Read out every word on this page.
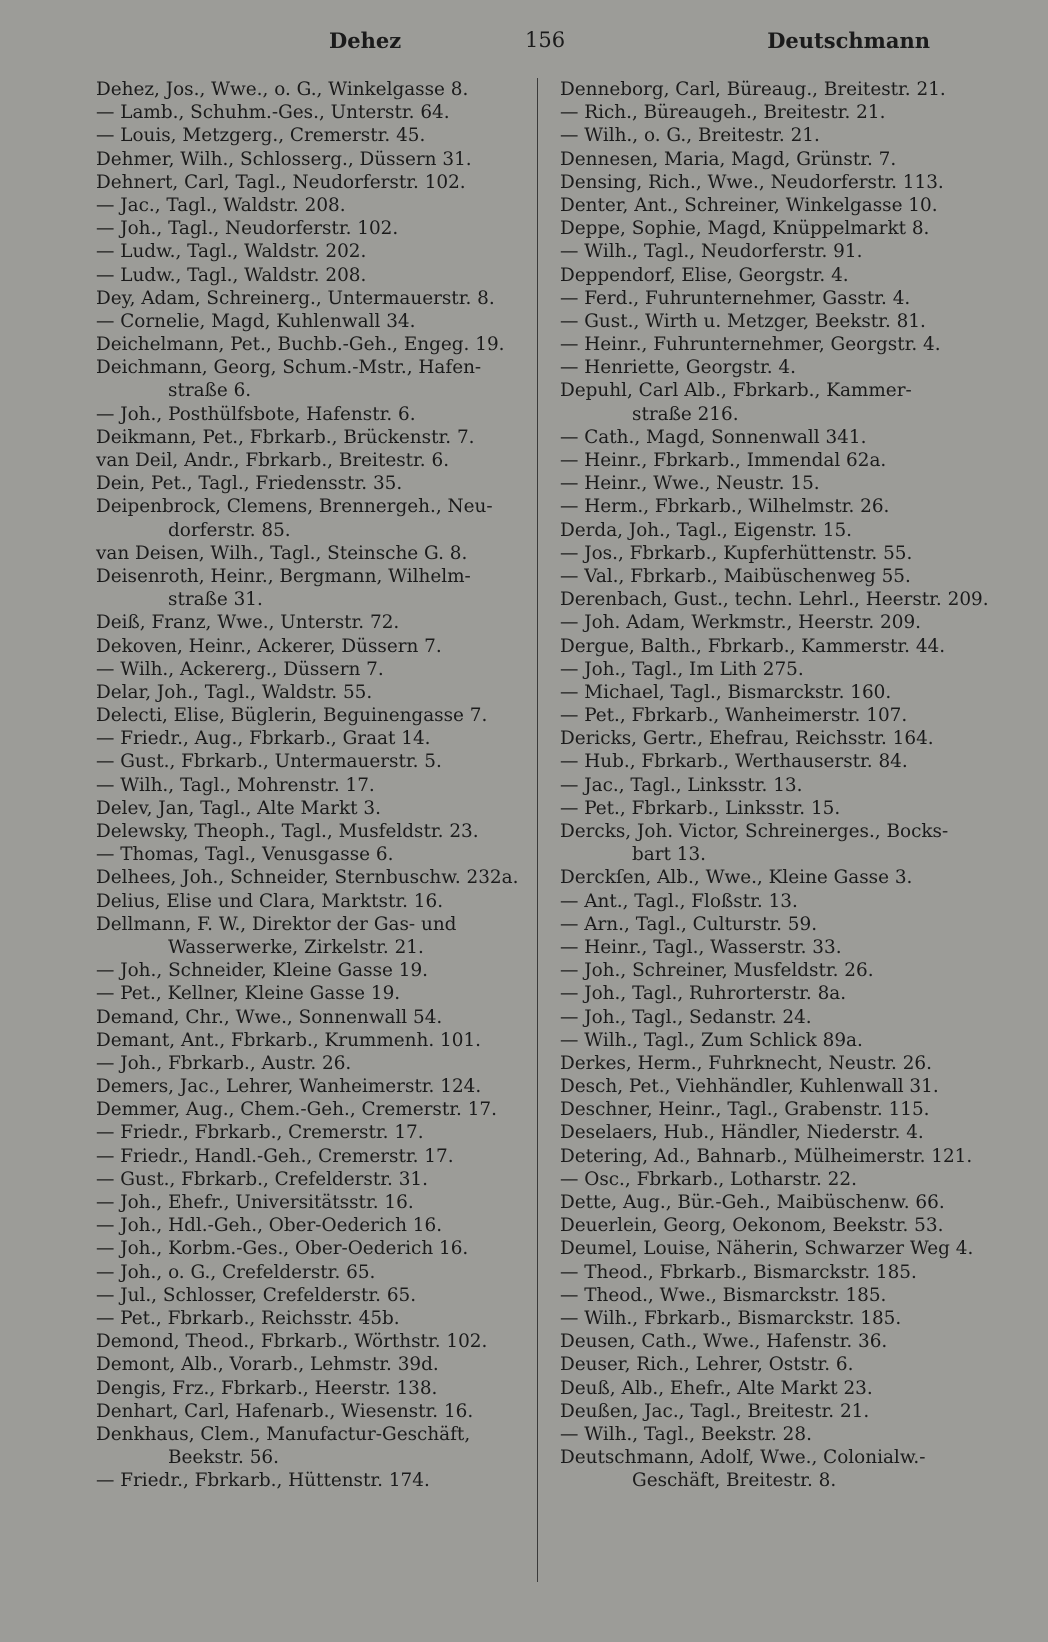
Dehez	156	Deutschmann
Dehez, Jos., Wwe., o. G., Winkelgasse 8.
— Lamb., Schuhm.-Ges., Unterstr. 64.
— Louis, Metzgerg., Cremerstr. 45.
Dehmer, Wilh., Schlosserg., Düssern 31.
Dehnert, Carl, Tagl., Neudorferstr. 102.
— Jac., Tagl., Waldstr. 208.
— Joh., Tagl., Neudorferstr. 102.
— Ludw., Tagl., Waldstr. 202.
— Ludw., Tagl., Waldstr. 208.
Dey, Adam, Schreinerg., Untermauerstr. 8.
— Cornelie, Magd, Kuhlenwall 34.
Deichelmann, Pet., Buchb.-Geh., Engeg. 19.
Deichmann, Georg, Schum.-Mstr., Hafen-
straße 6.
— Joh., Posthülfsbote, Hafenstr. 6.
Deikmann, Pet., Fbrkarb., Brückenstr. 7.
van Deil, Andr., Fbrkarb., Breitestr. 6.
Dein, Pet., Tagl., Friedensstr. 35.
Deipenbrock, Clemens, Brennergeh., Neu-
dorferstr. 85.
van Deisen, Wilh., Tagl., Steinsche G. 8.
Deisenroth, Heinr., Bergmann, Wilhelm-
straße 31.
Deiß, Franz, Wwe., Unterstr. 72.
Dekoven, Heinr., Ackerer, Düssern 7.
— Wilh., Ackererg., Düssern 7.
Delar, Joh., Tagl., Waldstr. 55.
Delecti, Elise, Büglerin, Beguinengasse 7.
— Friedr., Aug., Fbrkarb., Graat 14.
— Gust., Fbrkarb., Untermauerstr. 5.
— Wilh., Tagl., Mohrenstr. 17.
Delev, Jan, Tagl., Alte Markt 3.
Delewsky, Theoph., Tagl., Musfeldstr. 23.
— Thomas, Tagl., Venusgasse 6.
Delhees, Joh., Schneider, Sternbuschw. 232a.
Delius, Elise und Clara, Marktstr. 16.
Dellmann, F. W., Direktor der Gas- und
Wasserwerke, Zirkelstr. 21.
— Joh., Schneider, Kleine Gasse 19.
— Pet., Kellner, Kleine Gasse 19.
Demand, Chr., Wwe., Sonnenwall 54.
Demant, Ant., Fbrkarb., Krummenh. 101.
— Joh., Fbrkarb., Austr. 26.
Demers, Jac., Lehrer, Wanheimerstr. 124.
Demmer, Aug., Chem.-Geh., Cremerstr. 17.
— Friedr., Fbrkarb., Cremerstr. 17.
— Friedr., Handl.-Geh., Cremerstr. 17.
— Gust., Fbrkarb., Crefelderstr. 31.
— Joh., Ehefr., Universitätsstr. 16.
— Joh., Hdl.-Geh., Ober-Oederich 16.
— Joh., Korbm.-Ges., Ober-Oederich 16.
— Joh., o. G., Crefelderstr. 65.
— Jul., Schlosser, Crefelderstr. 65.
— Pet., Fbrkarb., Reichsstr. 45b.
Demond, Theod., Fbrkarb., Wörthstr. 102.
Demont, Alb., Vorarb., Lehmstr. 39d.
Dengis, Frz., Fbrkarb., Heerstr. 138.
Denhart, Carl, Hafenarb., Wiesenstr. 16.
Denkhaus, Clem., Manufactur-Geschäft,
Beekstr. 56.
— Friedr., Fbrkarb., Hüttenstr. 174.
Denneborg, Carl, Büreaug., Breitestr. 21.
— Rich., Büreaugeh., Breitestr. 21.
— Wilh., o. G., Breitestr. 21.
Dennesen, Maria, Magd, Grünstr. 7.
Densing, Rich., Wwe., Neudorferstr. 113.
Denter, Ant., Schreiner, Winkelgasse 10.
Deppe, Sophie, Magd, Knüppelmarkt 8.
— Wilh., Tagl., Neudorferstr. 91.
Deppendorf, Elise, Georgstr. 4.
— Ferd., Fuhrunternehmer, Gasstr. 4.
— Gust., Wirth u. Metzger, Beekstr. 81.
— Heinr., Fuhrunternehmer, Georgstr. 4.
— Henriette, Georgstr. 4.
Depuhl, Carl Alb., Fbrkarb., Kammer-
straße 216.
— Cath., Magd, Sonnenwall 341.
— Heinr., Fbrkarb., Immendal 62a.
— Heinr., Wwe., Neustr. 15.
— Herm., Fbrkarb., Wilhelmstr. 26.
Derda, Joh., Tagl., Eigenstr. 15.
— Jos., Fbrkarb., Kupferhüttenstr. 55.
— Val., Fbrkarb., Maibüschenweg 55.
Derenbach, Gust., techn. Lehrl., Heerstr. 209.
— Joh. Adam, Werkmstr., Heerstr. 209.
Dergue, Balth., Fbrkarb., Kammerstr. 44.
— Joh., Tagl., Im Lith 275.
— Michael, Tagl., Bismarckstr. 160.
— Pet., Fbrkarb., Wanheimerstr. 107.
Dericks, Gertr., Ehefrau, Reichsstr. 164.
— Hub., Fbrkarb., Werthauserstr. 84.
— Jac., Tagl., Linksstr. 13.
— Pet., Fbrkarb., Linksstr. 15.
Dercks, Joh. Victor, Schreinerges., Bocks-
bart 13.
Derckſen, Alb., Wwe., Kleine Gasse 3.
— Ant., Tagl., Floßstr. 13.
— Arn., Tagl., Culturstr. 59.
— Heinr., Tagl., Wasserstr. 33.
— Joh., Schreiner, Musfeldstr. 26.
— Joh., Tagl., Ruhrorterstr. 8a.
— Joh., Tagl., Sedanstr. 24.
— Wilh., Tagl., Zum Schlick 89a.
Derkes, Herm., Fuhrknecht, Neustr. 26.
Desch, Pet., Viehhändler, Kuhlenwall 31.
Deschner, Heinr., Tagl., Grabenstr. 115.
Deselaers, Hub., Händler, Niederstr. 4.
Detering, Ad., Bahnarb., Mülheimerstr. 121.
— Osc., Fbrkarb., Lotharstr. 22.
Dette, Aug., Bür.-Geh., Maibüschenw. 66.
Deuerlein, Georg, Oekonom, Beekstr. 53.
Deumel, Louise, Näherin, Schwarzer Weg 4.
— Theod., Fbrkarb., Bismarckstr. 185.
— Theod., Wwe., Bismarckstr. 185.
— Wilh., Fbrkarb., Bismarckstr. 185.
Deusen, Cath., Wwe., Hafenstr. 36.
Deuser, Rich., Lehrer, Oststr. 6.
Deuß, Alb., Ehefr., Alte Markt 23.
Deußen, Jac., Tagl., Breitestr. 21.
— Wilh., Tagl., Beekstr. 28.
Deutschmann, Adolf, Wwe., Colonialw.-
Geschäft, Breitestr. 8.
